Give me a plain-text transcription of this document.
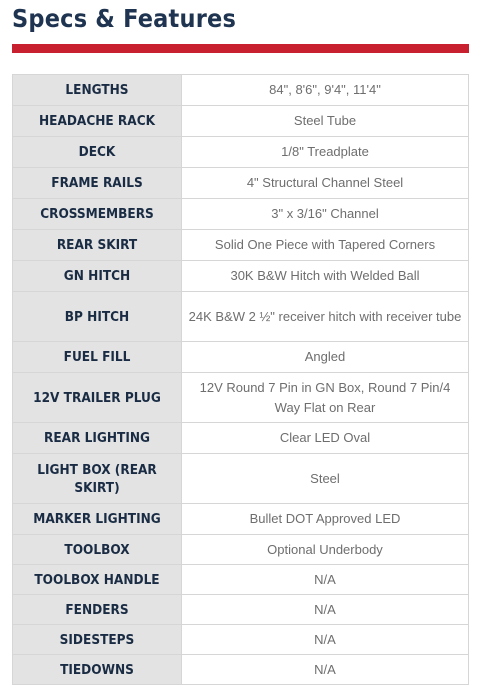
Specs & Features
LENGTHS	84", 8'6", 9'4", 11'4"
HEADACHE RACK	Steel Tube
DECK	1/8" Treadplate
FRAME RAILS	4" Structural Channel Steel
CROSSMEMBERS	3" x 3/16" Channel
REAR SKIRT	Solid One Piece with Tapered Corners
GN HITCH	30K B&W Hitch with Welded Ball
BP HITCH	24K B&W 2 ½" receiver hitch with receiver tube
FUEL FILL	Angled
12V TRAILER PLUG	12V Round 7 Pin in GN Box, Round 7 Pin/4 Way Flat on Rear
REAR LIGHTING	Clear LED Oval
LIGHT BOX (REAR SKIRT)	Steel
MARKER LIGHTING	Bullet DOT Approved LED
TOOLBOX	Optional Underbody
TOOLBOX HANDLE	N/A
FENDERS	N/A
SIDESTEPS	N/A
TIEDOWNS	N/A
